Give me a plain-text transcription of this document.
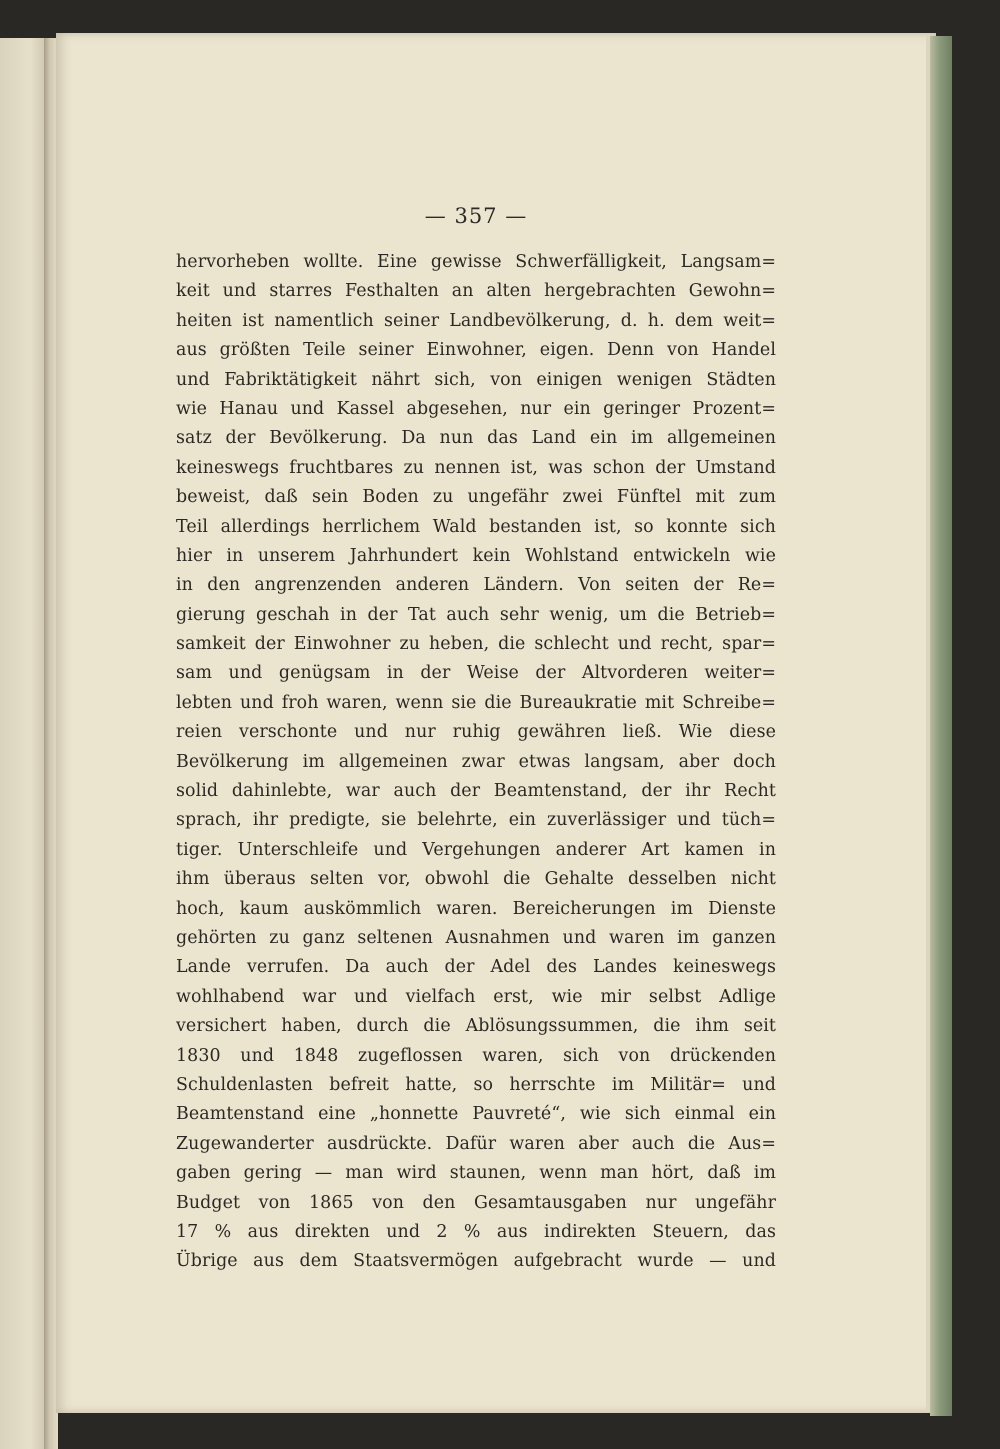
— 357 —
hervorheben wollte. Eine gewisse Schwerfälligkeit, Langsam=
keit und starres Festhalten an alten hergebrachten Gewohn=
heiten ist namentlich seiner Landbevölkerung, d. h. dem weit=
aus größten Teile seiner Einwohner, eigen. Denn von Handel
und Fabriktätigkeit nährt sich, von einigen wenigen Städten
wie Hanau und Kassel abgesehen, nur ein geringer Prozent=
satz der Bevölkerung. Da nun das Land ein im allgemeinen
keineswegs fruchtbares zu nennen ist, was schon der Umstand
beweist, daß sein Boden zu ungefähr zwei Fünftel mit zum
Teil allerdings herrlichem Wald bestanden ist, so konnte sich
hier in unserem Jahrhundert kein Wohlstand entwickeln wie
in den angrenzenden anderen Ländern. Von seiten der Re=
gierung geschah in der Tat auch sehr wenig, um die Betrieb=
samkeit der Einwohner zu heben, die schlecht und recht, spar=
sam und genügsam in der Weise der Altvorderen weiter=
lebten und froh waren, wenn sie die Bureaukratie mit Schreibe=
reien verschonte und nur ruhig gewähren ließ. Wie diese
Bevölkerung im allgemeinen zwar etwas langsam, aber doch
solid dahinlebte, war auch der Beamtenstand, der ihr Recht
sprach, ihr predigte, sie belehrte, ein zuverlässiger und tüch=
tiger. Unterschleife und Vergehungen anderer Art kamen in
ihm überaus selten vor, obwohl die Gehalte desselben nicht
hoch, kaum auskömmlich waren. Bereicherungen im Dienste
gehörten zu ganz seltenen Ausnahmen und waren im ganzen
Lande verrufen. Da auch der Adel des Landes keineswegs
wohlhabend war und vielfach erst, wie mir selbst Adlige
versichert haben, durch die Ablösungssummen, die ihm seit
1830 und 1848 zugeflossen waren, sich von drückenden
Schuldenlasten befreit hatte, so herrschte im Militär= und
Beamtenstand eine „honnette Pauvreté“, wie sich einmal ein
Zugewanderter ausdrückte. Dafür waren aber auch die Aus=
gaben gering — man wird staunen, wenn man hört, daß im
Budget von 1865 von den Gesamtausgaben nur ungefähr
17 % aus direkten und 2 % aus indirekten Steuern, das
Übrige aus dem Staatsvermögen aufgebracht wurde — und
